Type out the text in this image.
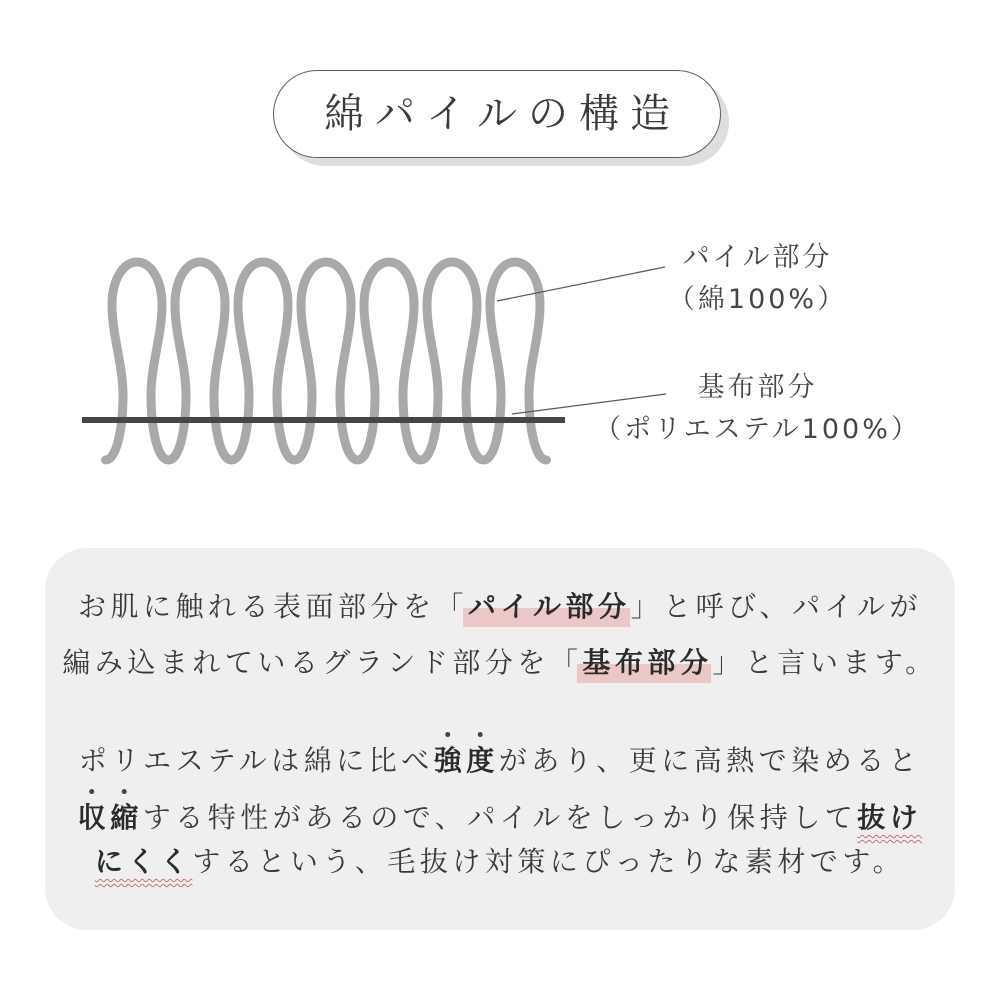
綿パイルの構造
パイル部分
（綿100%）
基布部分
（ポリエステル100%）
お肌に触れる表面部分を「パイル部分」と呼び、パイルが
編み込まれているグランド部分を「基布部分」と言います。
ポリエステルは綿に比べ強度があり、更に高熱で染めると
収縮する特性があるので、パイルをしっかり保持して抜け
にくくするという、毛抜け対策にぴったりな素材です。
